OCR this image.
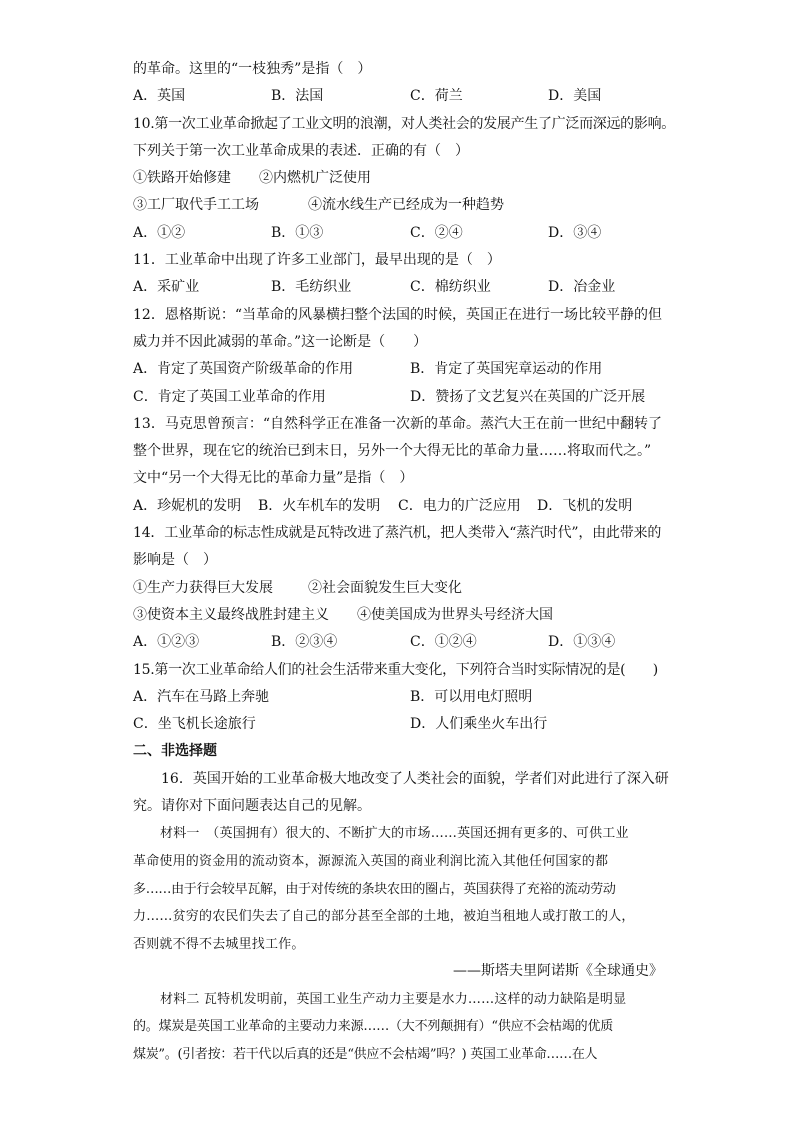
的革命。这里的“一枝独秀”是指（　）
A．英国	B．法国	C．荷兰	D．美国
10.第一次工业革命掀起了工业文明的浪潮，对人类社会的发展产生了广泛而深远的影响。
下列关于第一次工业革命成果的表述．正确的有（　）
①铁路开始修建 ②内燃机广泛使用
③工厂取代手工工场	④流水线生产已经成为一种趋势
A．①②	B．①③	C．②④	D．③④
11．工业革命中出现了许多工业部门，最早出现的是（　）
A．采矿业	B．毛纺织业	C．棉纺织业	D．冶金业
12．恩格斯说：“当革命的风暴横扫整个法国的时候，英国正在进行一场比较平静的但
威力并不因此减弱的革命。”这一论断是（　　）
A．肯定了英国资产阶级革命的作用	B．肯定了英国宪章运动的作用
C．肯定了英国工业革命的作用	D．赞扬了文艺复兴在英国的广泛开展
13．马克思曾预言：“自然科学正在准备一次新的革命。蒸汽大王在前一世纪中翻转了
整个世界，现在它的统治已到末日，另外一个大得无比的革命力量……将取而代之。”
文中“另一个大得无比的革命力量”是指（　）
A．珍妮机的发明 B．火车机车的发明 C．电力的广泛应用 D．飞机的发明
14．工业革命的标志性成就是瓦特改进了蒸汽机，把人类带入“蒸汽时代”，由此带来的
影响是（　）
①生产力获得巨大发展	②社会面貌发生巨大变化
③使资本主义最终战胜封建主义 ④使美国成为世界头号经济大国
A．①②③	B．②③④	C．①②④	D．①③④
15.第一次工业革命给人们的社会生活带来重大变化，下列符合当时实际情况的是(　　)
A．汽车在马路上奔驰	B．可以用电灯照明
C．坐飞机长途旅行	D．人们乘坐火车出行
二、非选择题
16．英国开始的工业革命极大地改变了人类社会的面貌，学者们对此进行了深入研
究。请你对下面问题表达自己的见解。
材料一　（英国拥有）很大的、不断扩大的市场……英国还拥有更多的、可供工业
革命使用的资金用的流动资本，源源流入英国的商业利润比流入其他任何国家的都
多……由于行会较早瓦解，由于对传统的条块农田的圈占，英国获得了充裕的流动劳动
力……贫穷的农民们失去了自己的部分甚至全部的土地，被迫当租地人或打散工的人，
否则就不得不去城里找工作。
——斯塔夫里阿诺斯《全球通史》
材料二 瓦特机发明前，英国工业生产动力主要是水力……这样的动力缺陷是明显
的。煤炭是英国工业革命的主要动力来源……（大不列颠拥有）“供应不会枯竭的优质
煤炭”。(引者按：若干代以后真的还是“供应不会枯竭”吗？) 英国工业革命……在人
